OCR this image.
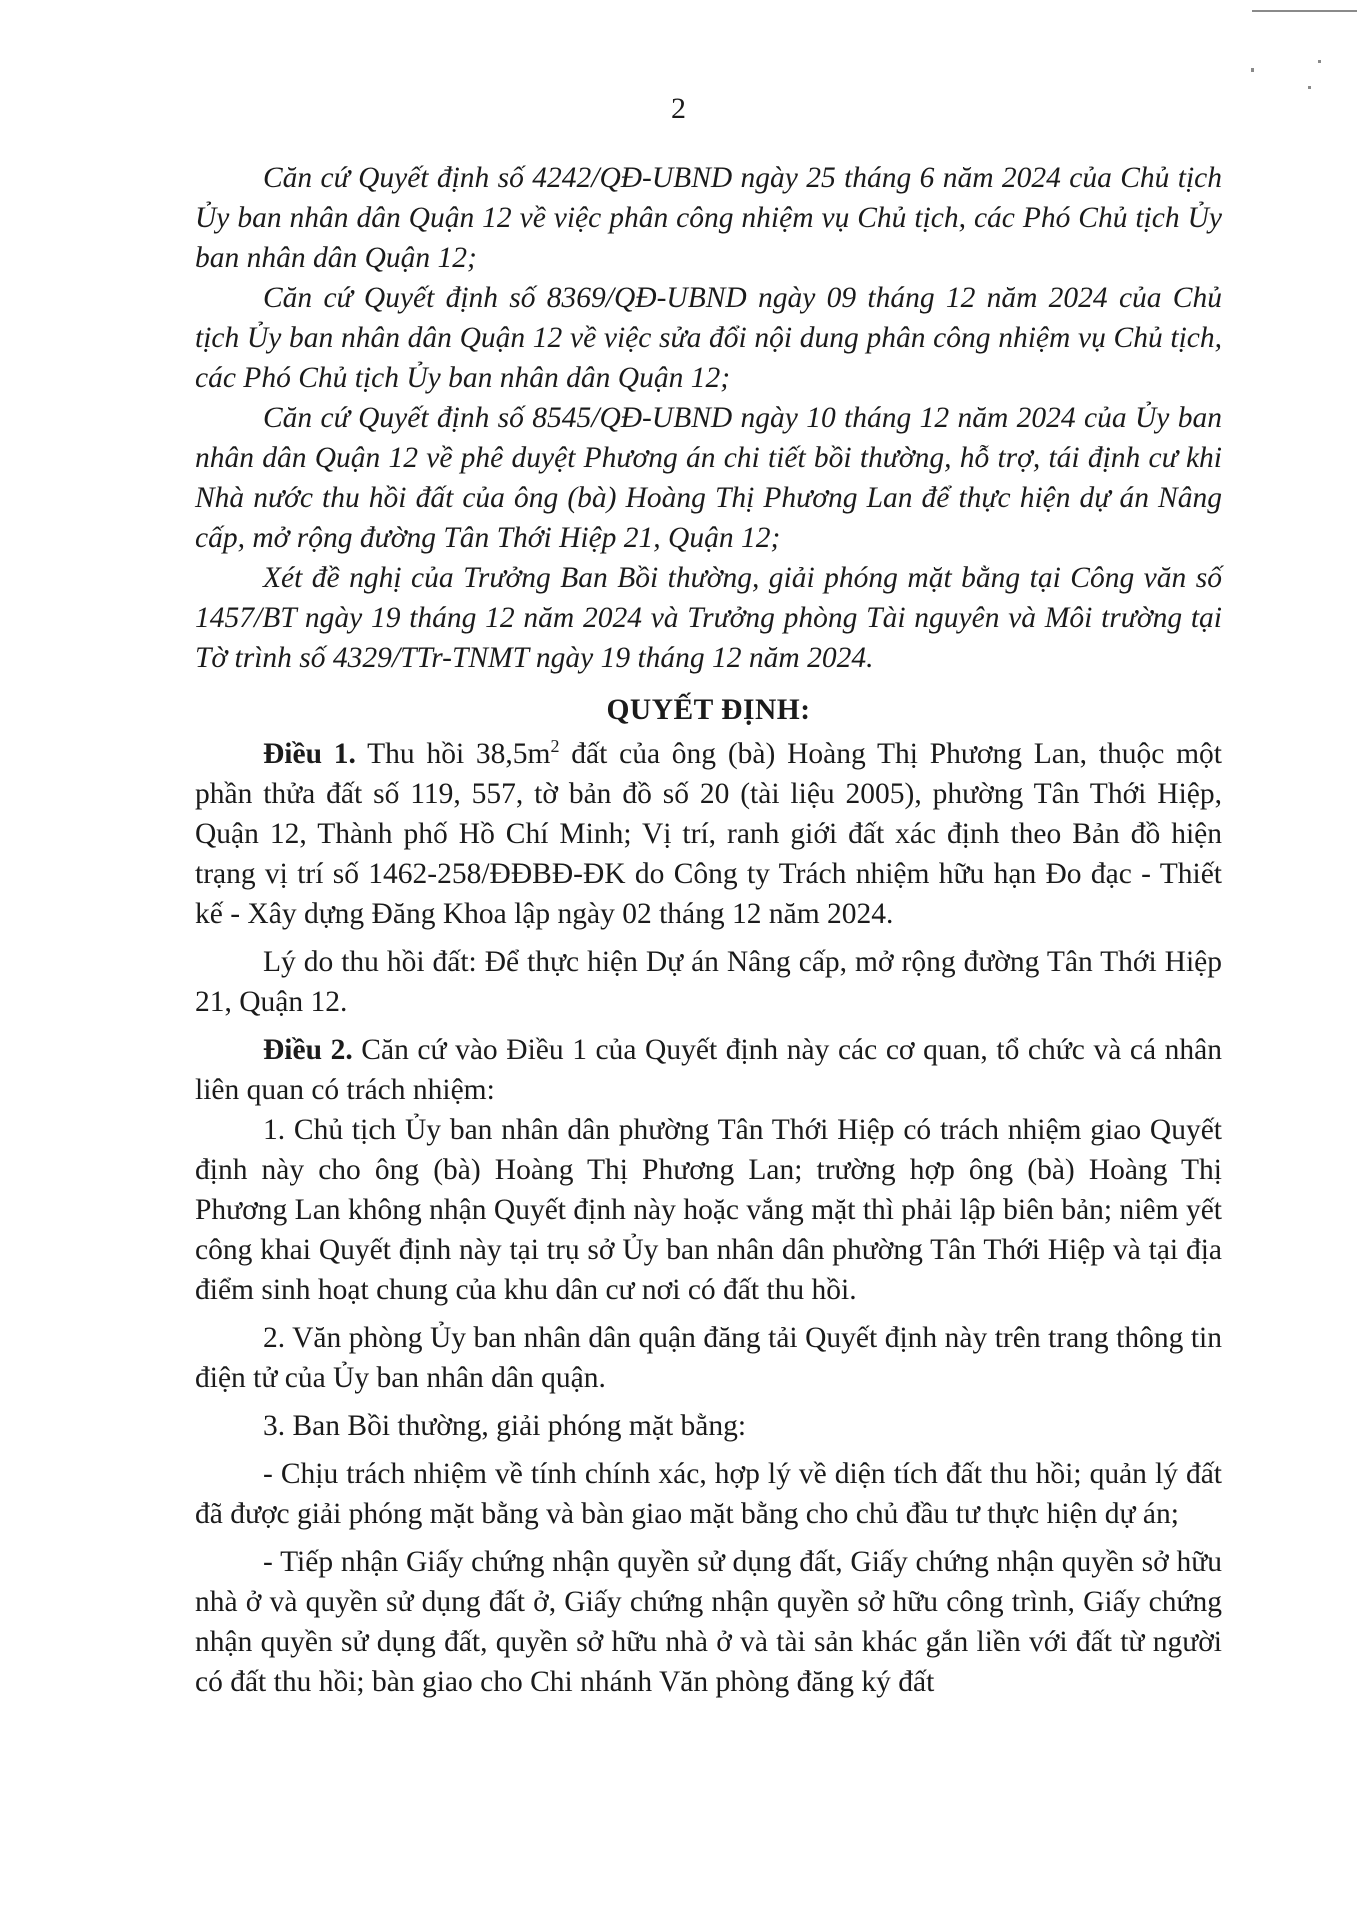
2

Căn cứ Quyết định số 4242/QĐ-UBND ngày 25 tháng 6 năm 2024 của Chủ tịch Ủy ban nhân dân Quận 12 về việc phân công nhiệm vụ Chủ tịch, các Phó Chủ tịch Ủy ban nhân dân Quận 12;

Căn cứ Quyết định số 8369/QĐ-UBND ngày 09 tháng 12 năm 2024 của Chủ tịch Ủy ban nhân dân Quận 12 về việc sửa đổi nội dung phân công nhiệm vụ Chủ tịch, các Phó Chủ tịch Ủy ban nhân dân Quận 12;

Căn cứ Quyết định số 8545/QĐ-UBND ngày 10 tháng 12 năm 2024 của Ủy ban nhân dân Quận 12 về phê duyệt Phương án chi tiết bồi thường, hỗ trợ, tái định cư khi Nhà nước thu hồi đất của ông (bà) Hoàng Thị Phương Lan để thực hiện dự án Nâng cấp, mở rộng đường Tân Thới Hiệp 21, Quận 12;

Xét đề nghị của Trưởng Ban Bồi thường, giải phóng mặt bằng tại Công văn số 1457/BT ngày 19 tháng 12 năm 2024 và Trưởng phòng Tài nguyên và Môi trường tại Tờ trình số 4329/TTr-TNMT ngày 19 tháng 12 năm 2024.

QUYẾT ĐỊNH:

Điều 1. Thu hồi $38,5m^2$ đất của ông (bà) Hoàng Thị Phương Lan, thuộc một phần thửa đất số 119, 557, tờ bản đồ số 20 (tài liệu 2005), phường Tân Thới Hiệp, Quận 12, Thành phố Hồ Chí Minh; Vị trí, ranh giới đất xác định theo Bản đồ hiện trạng vị trí số 1462-258/ĐĐBĐ-ĐK do Công ty Trách nhiệm hữu hạn Đo đạc - Thiết kế - Xây dựng Đăng Khoa lập ngày 02 tháng 12 năm 2024.

Lý do thu hồi đất: Để thực hiện Dự án Nâng cấp, mở rộng đường Tân Thới Hiệp 21, Quận 12.

Điều 2. Căn cứ vào Điều 1 của Quyết định này các cơ quan, tổ chức và cá nhân liên quan có trách nhiệm:

1. Chủ tịch Ủy ban nhân dân phường Tân Thới Hiệp có trách nhiệm giao Quyết định này cho ông (bà) Hoàng Thị Phương Lan; trường hợp ông (bà) Hoàng Thị Phương Lan không nhận Quyết định này hoặc vắng mặt thì phải lập biên bản; niêm yết công khai Quyết định này tại trụ sở Ủy ban nhân dân phường Tân Thới Hiệp và tại địa điểm sinh hoạt chung của khu dân cư nơi có đất thu hồi.

2. Văn phòng Ủy ban nhân dân quận đăng tải Quyết định này trên trang thông tin điện tử của Ủy ban nhân dân quận.

3. Ban Bồi thường, giải phóng mặt bằng:

- Chịu trách nhiệm về tính chính xác, hợp lý về diện tích đất thu hồi; quản lý đất đã được giải phóng mặt bằng và bàn giao mặt bằng cho chủ đầu tư thực hiện dự án;

- Tiếp nhận Giấy chứng nhận quyền sử dụng đất, Giấy chứng nhận quyền sở hữu nhà ở và quyền sử dụng đất ở, Giấy chứng nhận quyền sở hữu công trình, Giấy chứng nhận quyền sử dụng đất, quyền sở hữu nhà ở và tài sản khác gắn liền với đất từ người có đất thu hồi; bàn giao cho Chi nhánh Văn phòng đăng ký đất
